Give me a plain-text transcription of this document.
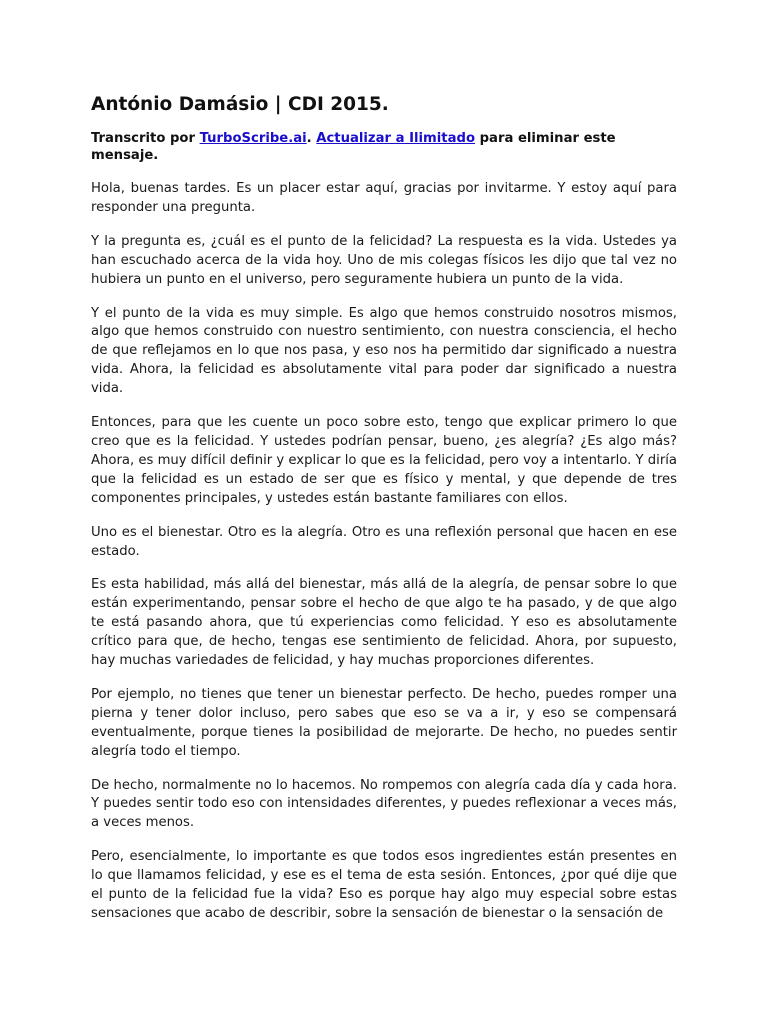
António Damásio | CDI 2015.
Transcrito por TurboScribe.ai. Actualizar a Ilimitado para eliminar este mensaje.

Hola, buenas tardes. Es un placer estar aquí, gracias por invitarme. Y estoy aquí para responder una pregunta.

Y la pregunta es, ¿cuál es el punto de la felicidad? La respuesta es la vida. Ustedes ya han escuchado acerca de la vida hoy. Uno de mis colegas físicos les dijo que tal vez no hubiera un punto en el universo, pero seguramente hubiera un punto de la vida.

Y el punto de la vida es muy simple. Es algo que hemos construido nosotros mismos, algo que hemos construido con nuestro sentimiento, con nuestra consciencia, el hecho de que reflejamos en lo que nos pasa, y eso nos ha permitido dar significado a nuestra vida. Ahora, la felicidad es absolutamente vital para poder dar significado a nuestra vida.

Entonces, para que les cuente un poco sobre esto, tengo que explicar primero lo que creo que es la felicidad. Y ustedes podrían pensar, bueno, ¿es alegría? ¿Es algo más? Ahora, es muy difícil definir y explicar lo que es la felicidad, pero voy a intentarlo. Y diría que la felicidad es un estado de ser que es físico y mental, y que depende de tres componentes principales, y ustedes están bastante familiares con ellos.

Uno es el bienestar. Otro es la alegría. Otro es una reflexión personal que hacen en ese estado.

Es esta habilidad, más allá del bienestar, más allá de la alegría, de pensar sobre lo que están experimentando, pensar sobre el hecho de que algo te ha pasado, y de que algo te está pasando ahora, que tú experiencias como felicidad. Y eso es absolutamente crítico para que, de hecho, tengas ese sentimiento de felicidad. Ahora, por supuesto, hay muchas variedades de felicidad, y hay muchas proporciones diferentes.

Por ejemplo, no tienes que tener un bienestar perfecto. De hecho, puedes romper una pierna y tener dolor incluso, pero sabes que eso se va a ir, y eso se compensará eventualmente, porque tienes la posibilidad de mejorarte. De hecho, no puedes sentir alegría todo el tiempo.

De hecho, normalmente no lo hacemos. No rompemos con alegría cada día y cada hora. Y puedes sentir todo eso con intensidades diferentes, y puedes reflexionar a veces más, a veces menos.

Pero, esencialmente, lo importante es que todos esos ingredientes están presentes en lo que llamamos felicidad, y ese es el tema de esta sesión. Entonces, ¿por qué dije que el punto de la felicidad fue la vida? Eso es porque hay algo muy especial sobre estas sensaciones que acabo de describir, sobre la sensación de bienestar o la sensación de
